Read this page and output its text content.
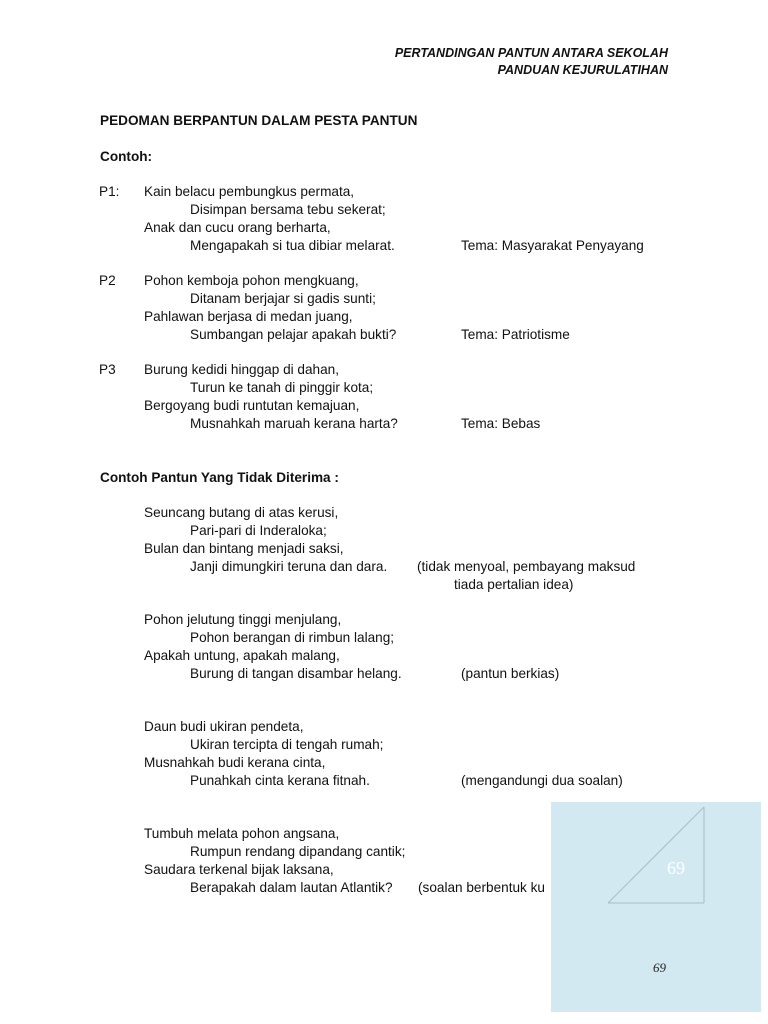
PERTANDINGAN PANTUN ANTARA SEKOLAH
PANDUAN KEJURULATIHAN
PEDOMAN BERPANTUN DALAM PESTA PANTUN
Contoh:
P1: Kain belacu pembungkus permata,
Disimpan bersama tebu sekerat;
Anak dan cucu orang berharta,
Mengapakah si tua dibiar melarat.	Tema: Masyarakat Penyayang
P2 Pohon kemboja pohon mengkuang,
Ditanam berjajar si gadis sunti;
Pahlawan berjasa di medan juang,
Sumbangan pelajar apakah bukti?	Tema: Patriotisme
P3 Burung kedidi hinggap di dahan,
Turun ke tanah di pinggir kota;
Bergoyang budi runtutan kemajuan,
Musnahkah maruah kerana harta?	Tema: Bebas
Contoh Pantun Yang Tidak Diterima :
Seuncang butang di atas kerusi,
Pari-pari di Inderaloka;
Bulan dan bintang menjadi saksi,
Janji dimungkiri teruna dan dara. (tidak menyoal, pembayang maksud
tiada pertalian idea)
Pohon jelutung tinggi menjulang,
Pohon berangan di rimbun lalang;
Apakah untung, apakah malang,
Burung di tangan disambar helang.	(pantun berkias)
Daun budi ukiran pendeta,
Ukiran tercipta di tengah rumah;
Musnahkah budi kerana cinta,
Punahkah cinta kerana fitnah.	(mengandungi dua soalan)
Tumbuh melata pohon angsana,
Rumpun rendang dipandang cantik;
Saudara terkenal bijak laksana,
Berapakah dalam lautan Atlantik? (soalan berbentuk ku
69
69
